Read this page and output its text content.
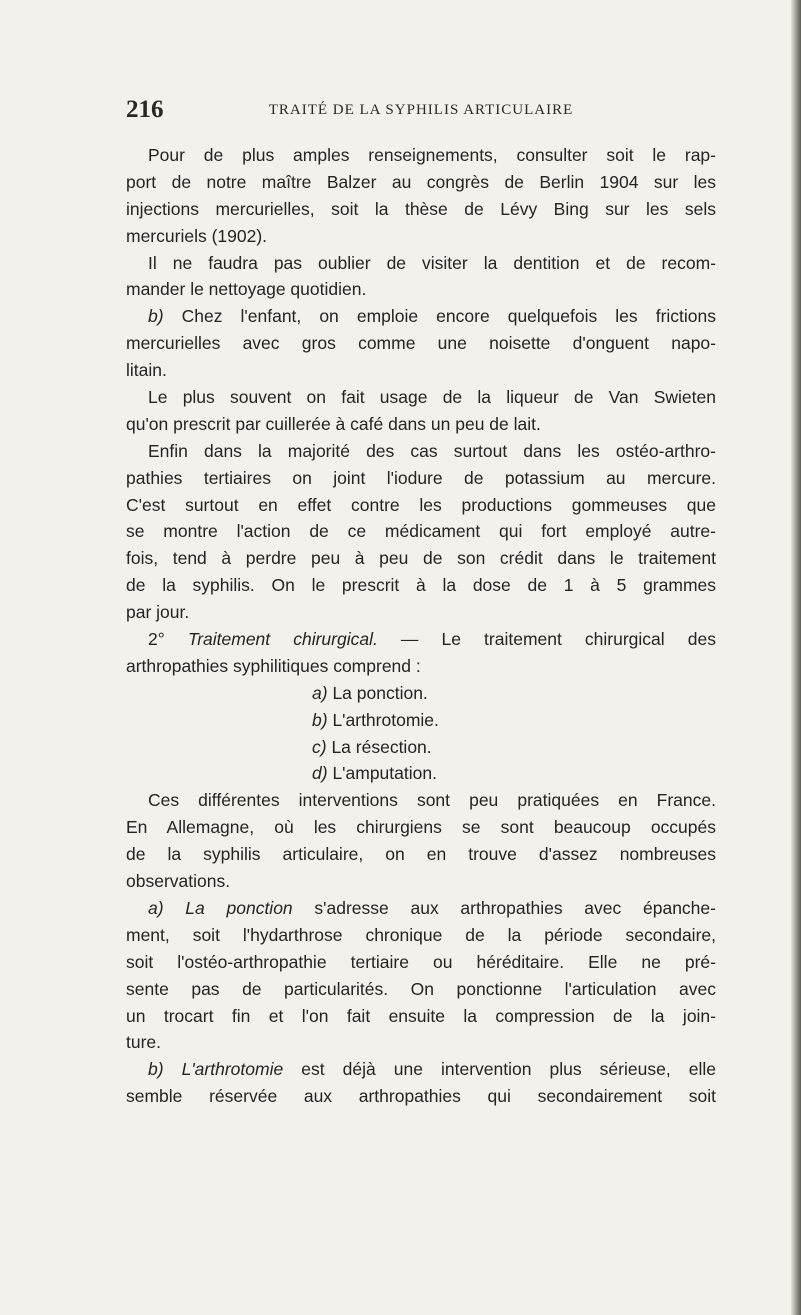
216	TRAITÉ DE LA SYPHILIS ARTICULAIRE
Pour de plus amples renseignements, consulter soit le rap-
port de notre maître Balzer au congrès de Berlin 1904 sur les
injections mercurielles, soit la thèse de Lévy Bing sur les sels
mercuriels (1902).
Il ne faudra pas oublier de visiter la dentition et de recom-
mander le nettoyage quotidien.
b) Chez l'enfant, on emploie encore quelquefois les frictions
mercurielles avec gros comme une noisette d'onguent napo-
litain.
Le plus souvent on fait usage de la liqueur de Van Swieten
qu'on prescrit par cuillerée à café dans un peu de lait.
Enfin dans la majorité des cas surtout dans les ostéo-arthro-
pathies tertiaires on joint l'iodure de potassium au mercure.
C'est surtout en effet contre les productions gommeuses que
se montre l'action de ce médicament qui fort employé autre-
fois, tend à perdre peu à peu de son crédit dans le traitement
de la syphilis. On le prescrit à la dose de 1 à 5 grammes
par jour.
2° Traitement chirurgical. — Le traitement chirurgical des
arthropathies syphilitiques comprend :
a) La ponction.
b) L'arthrotomie.
c) La résection.
d) L'amputation.
Ces différentes interventions sont peu pratiquées en France.
En Allemagne, où les chirurgiens se sont beaucoup occupés
de la syphilis articulaire, on en trouve d'assez nombreuses
observations.
a) La ponction s'adresse aux arthropathies avec épanche-
ment, soit l'hydarthrose chronique de la période secondaire,
soit l'ostéo-arthropathie tertiaire ou héréditaire. Elle ne pré-
sente pas de particularités. On ponctionne l'articulation avec
un trocart fin et l'on fait ensuite la compression de la join-
ture.
b) L'arthrotomie est déjà une intervention plus sérieuse, elle
semble réservée aux arthropathies qui secondairement soit
